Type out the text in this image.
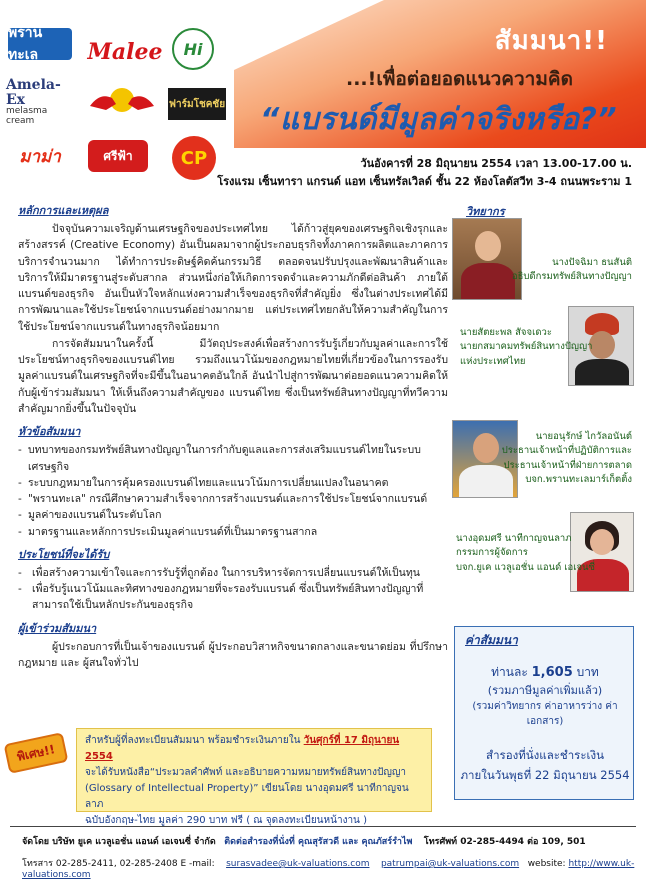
พรานทะเล	Malee	Hi
Amela-Ex
melasma cream
ฟาร์มโชคชัย
มาม่า	ศรีฟ้า	CP
สัมมนา!!
...!เพื่อต่อยอดแนวความคิด
“แบรนด์มีมูลค่าจริงหรือ?”
วันอังคารที่ 28 มิถุนายน 2554 เวลา 13.00-17.00 น.
โรงแรม เซ็นทารา แกรนด์ แอท เซ็นทรัลเวิลด์ ชั้น 22 ห้องโลตัสวีท 3-4 ถนนพระราม 1
หลักการและเหตุผล

ปัจจุบันความเจริญด้านเศรษฐกิจของประเทศไทย ได้ก้าวสู่ยุคของเศรษฐกิจเชิงรุกและสร้างสรรค์ (Creative Economy) อันเป็นผลมาจากผู้ประกอบธุรกิจทั้งภาคการผลิตและภาคการบริการจำนวนมาก ได้ทำการประดิษฐ์คิดค้นกรรมวิธี ตลอดจนปรับปรุงและพัฒนาสินค้าและบริการให้มีมาตรฐานสู่ระดับสากล ส่วนหนึ่งก่อให้เกิดการจดจำและความภักดีต่อสินค้า ภายใต้ แบรนด์ของธุรกิจ อันเป็นหัวใจหลักแห่งความสำเร็จของธุรกิจที่สำคัญยิ่ง ซึ่งในต่างประเทศได้มีการพัฒนาและใช้ประโยชน์จากแบรนด์อย่างมากมาย แต่ประเทศไทยกลับให้ความสำคัญในการใช้ประโยชน์จากแบรนด์ในทางธุรกิจน้อยมาก

การจัดสัมมนาในครั้งนี้ มีวัตถุประสงค์เพื่อสร้างการรับรู้เกี่ยวกับมูลค่าและการใช้ประโยชน์ทางธุรกิจของแบรนด์ไทย รวมถึงแนวโน้มของกฎหมายไทยที่เกี่ยวข้องในการรองรับมูลค่าแบรนด์ในเศรษฐกิจที่จะมีขึ้นในอนาคตอันใกล้ อันนำไปสู่การพัฒนาต่อยอดแนวความคิดให้กับผู้เข้าร่วมสัมมนา ให้เห็นถึงความสำคัญของ แบรนด์ไทย ซึ่งเป็นทรัพย์สินทางปัญญาที่ทวีความสำคัญมากยิ่งขึ้นในปัจจุบัน

หัวข้อสัมมนา
- บทบาทของกรมทรัพย์สินทางปัญญาในการกำกับดูแลและการส่งเสริมแบรนด์ไทยในระบบเศรษฐกิจ
- ระบบกฎหมายในการคุ้มครองแบรนด์ไทยและแนวโน้มการเปลี่ยนแปลงในอนาคต
- "พรานทะเล" กรณีศึกษาความสำเร็จจากการสร้างแบรนด์และการใช้ประโยชน์จากแบรนด์
- มูลค่าของแบรนด์ในระดับโลก
- มาตรฐานและหลักการประเมินมูลค่าแบรนด์ที่เป็นมาตรฐานสากล
ประโยชน์ที่จะได้รับ
- เพื่อสร้างความเข้าใจและการรับรู้ที่ถูกต้อง ในการบริหารจัดการเปลี่ยนแบรนด์ให้เป็นทุน
- เพื่อรับรู้แนวโน้มและทิศทางของกฎหมายที่จะรองรับแบรนด์ ซึ่งเป็นทรัพย์สินทางปัญญาที่สามารถใช้เป็นหลักประกันของธุรกิจ
ผู้เข้าร่วมสัมมนา

ผู้ประกอบการที่เป็นเจ้าของแบรนด์ ผู้ประกอบวิสาหกิจขนาดกลางและขนาดย่อม ที่ปรึกษากฎหมาย และ ผู้สนใจทั่วไป

วิทยากร
นางปัจฉิมา ธนสันติ
อธิบดีกรมทรัพย์สินทางปัญญา
นายสัตยะพล สัจจเดวะ
นายกสมาคมทรัพย์สินทางปัญญา
แห่งประเทศไทย
นายอนุรักษ์ ไกวัลอนันต์
ประธานเจ้าหน้าที่ปฏิบัติการและ
ประธานเจ้าหน้าที่ฝ่ายการตลาด
บจก.พรานทะเลมาร์เก็ตติ้ง
นางอุดมศรี นาทีกาญจนลาภ
กรรมการผู้จัดการ
บจก.ยูเค แวลูเอชั่น แอนด์ เอเจนซี่
ค่าสัมมนา
ท่านละ 1,605 บาท
(รวมภาษีมูลค่าเพิ่มแล้ว)
(รวมค่าวิทยากร ค่าอาหารว่าง ค่าเอกสาร)
สำรองที่นั่งและชำระเงิน
ภายในวันพุธที่ 22 มิถุนายน 2554
พิเศษ!!
สำหรับผู้ที่ลงทะเบียนสัมมนา พร้อมชำระเงินภายใน วันศุกร์ที่ 17 มิถุนายน 2554
จะได้รับหนังสือ“ประมวลคำศัพท์ และอธิบายความหมายทรัพย์สินทางปัญญา
(Glossary of Intellectual Property)” เขียนโดย นางอุดมศรี นาทีกาญจนลาภ
ฉบับอังกฤษ-ไทย มูลค่า 290 บาท ฟรี ( ณ จุดลงทะเบียนหน้างาน )
จัดโดย บริษัท ยูเค แวลูเอชั่น แอนด์ เอเจนซี่ จำกัด ติดต่อสำรองที่นั่งที่ คุณสุรัสวดี และ คุณภัสร์รำไพ โทรศัพท์ 02-285-4494 ต่อ 109, 501
โทรสาร 02-285-2411, 02-285-2408 E -mail: surasvadee@uk-valuations.com patrumpai@uk-valuations.com website: http://www.uk-valuations.com
